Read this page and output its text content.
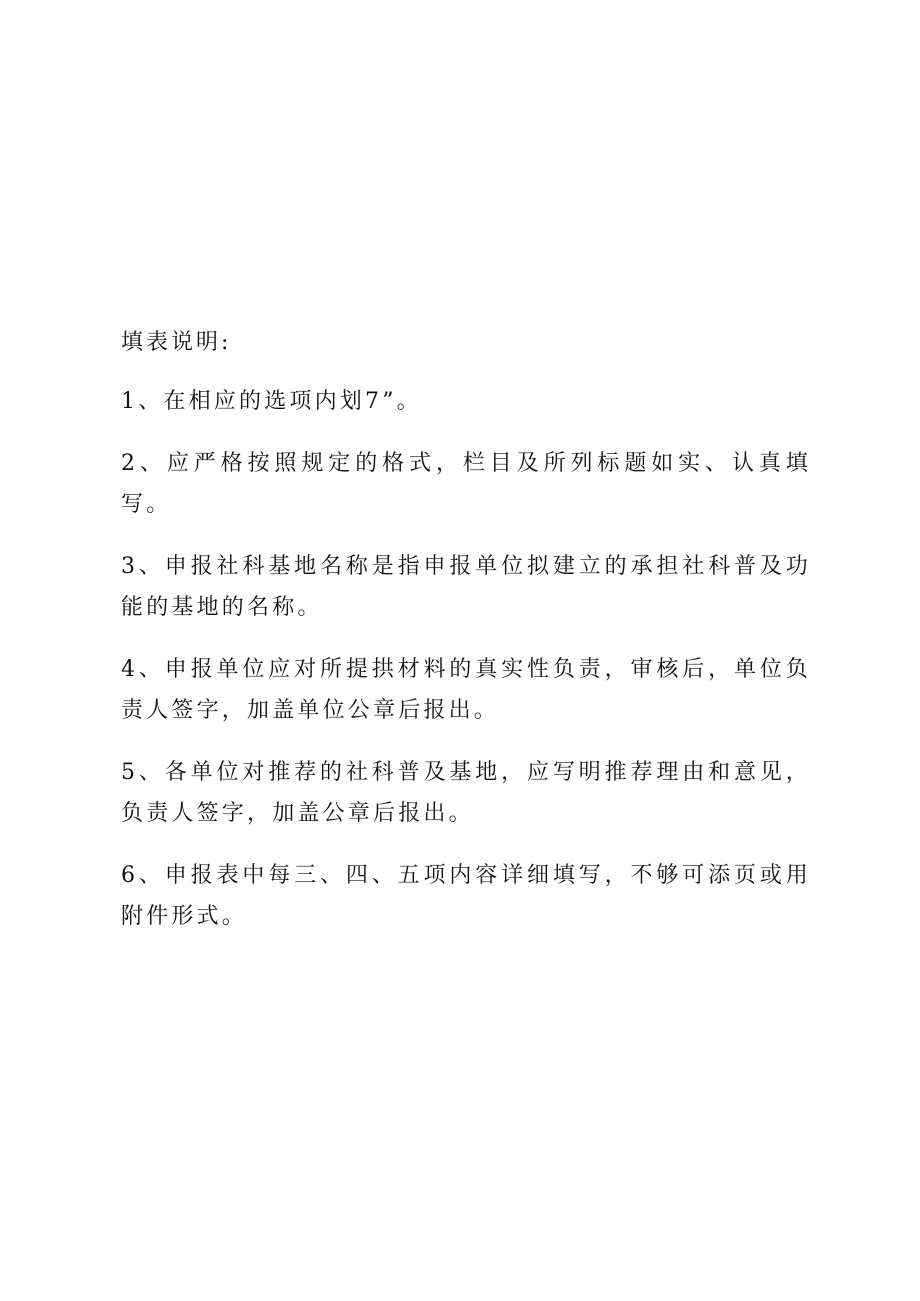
填表说明:

1、在相应的选项内划7”。

2、应严格按照规定的格式，栏目及所列标题如实、认真填写。

3、申报社科基地名称是指申报单位拟建立的承担社科普及功能的基地的名称。

4、申报单位应对所提拱材料的真实性负责，审核后，单位负责人签字，加盖单位公章后报出。

5、各单位对推荐的社科普及基地，应写明推荐理由和意见，负责人签字，加盖公章后报出。

6、申报表中每三、四、五项内容详细填写，不够可添页或用附件形式。
